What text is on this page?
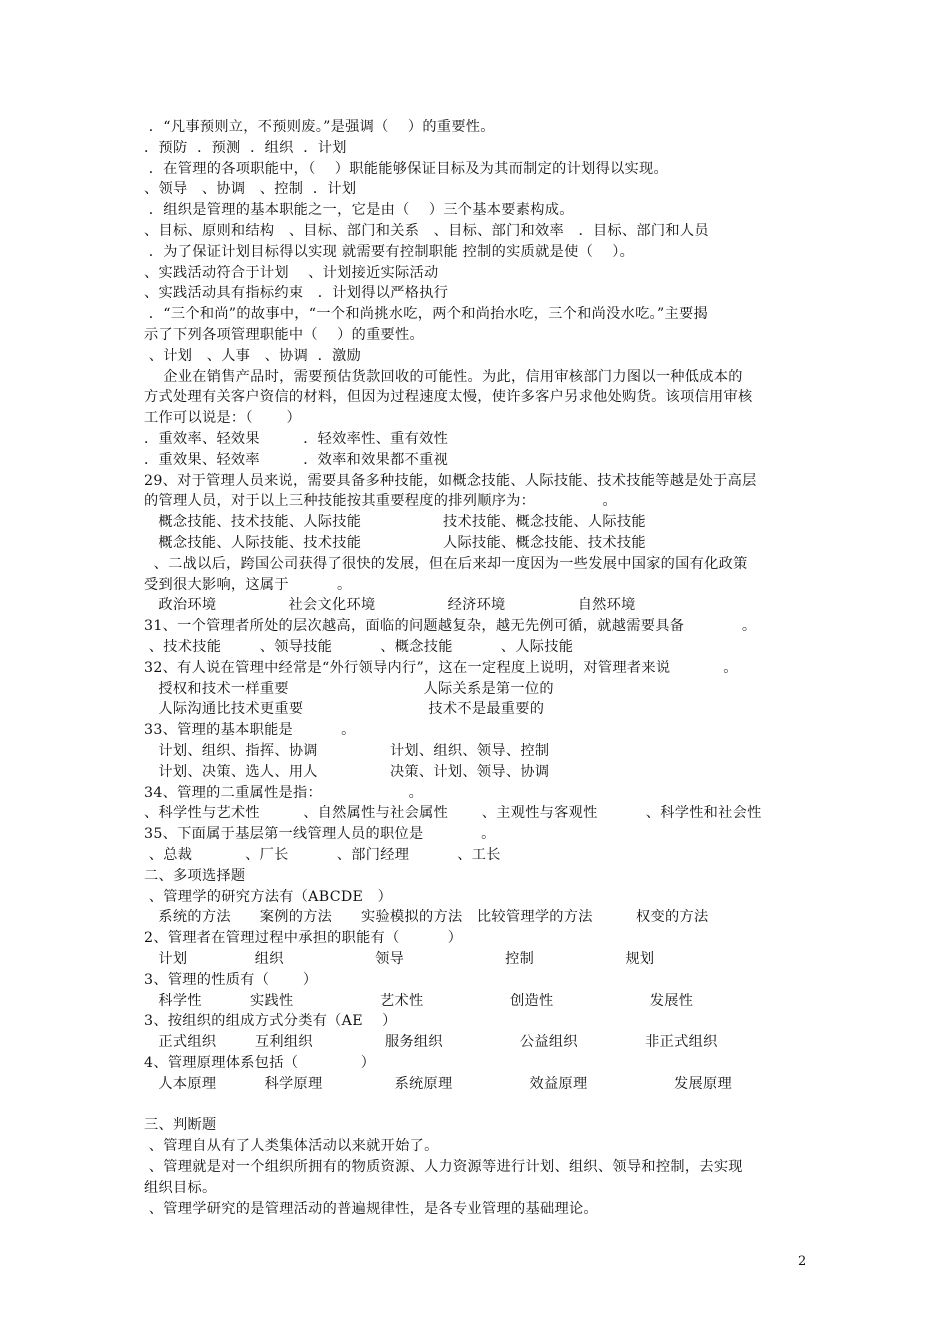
．“凡事预则立，不预则废。”是强调（    ）的重要性。
．预防  ．预测  ．组织  ．计划
．在管理的各项职能中，（    ）职能能够保证目标及为其而制定的计划得以实现。
、领导   、协调   、控制  ．计划
．组织是管理的基本职能之一，它是由（    ）三个基本要素构成。
、目标、原则和结构   、目标、部门和关系   、目标、部门和效率   ．目标、部门和人员
．为了保证计划目标得以实现 就需要有控制职能 控制的实质就是使（    ）。
、实践活动符合于计划    、计划接近实际活动
、实践活动具有指标约束   ．计划得以严格执行
．“三个和尚”的故事中，“一个和尚挑水吃，两个和尚抬水吃，三个和尚没水吃。”主要揭
示了下列各项管理职能中（    ）的重要性。
、计划   、人事   、协调  ．激励
企业在销售产品时，需要预估货款回收的可能性。为此，信用审核部门力图以一种低成本的
方式处理有关客户资信的材料，但因为过程速度太慢，使许多客户另求他处购货。该项信用审核
工作可以说是：（       ）
．重效率、轻效果         ．轻效率性、重有效性
．重效果、轻效率         ．效率和效果都不重视
29、对于管理人员来说，需要具备多种技能，如概念技能、人际技能、技术技能等越是处于高层
的管理人员，对于以上三种技能按其重要程度的排列顺序为：              。
概念技能、技术技能、人际技能                 技术技能、概念技能、人际技能
概念技能、人际技能、技术技能                 人际技能、概念技能、技术技能
、二战以后，跨国公司获得了很快的发展，但在后来却一度因为一些发展中国家的国有化政策
受到很大影响，这属于          。
政治环境               社会文化环境               经济环境               自然环境
31、一个管理者所处的层次越高，面临的问题越复杂，越无先例可循，就越需要具备            。
、技术技能        、领导技能          、概念技能          、人际技能
32、有人说在管理中经常是“外行领导内行”，这在一定程度上说明，对管理者来说           。
授权和技术一样重要                            人际关系是第一位的
人际沟通比技术更重要                          技术不是最重要的
33、管理的基本职能是          。
计划、组织、指挥、协调               计划、组织、领导、控制
计划、决策、选人、用人               决策、计划、领导、协调
34、管理的二重属性是指：                  。
、科学性与艺术性         、自然属性与社会属性       、主观性与客观性          、科学性和社会性
35、下面属于基层第一线管理人员的职位是            。
、总裁           、厂长          、部门经理          、工长
二、多项选择题
、管理学的研究方法有（ABCDE   ）
系统的方法      案例的方法      实验模拟的方法   比较管理学的方法         权变的方法
2、管理者在管理过程中承担的职能有（          ）
计划              组织                   领导                     控制                   规划
3、管理的性质有（       ）
科学性          实践性                  艺术性                  创造性                    发展性
3、按组织的组成方式分类有（AE    ）
正式组织        互利组织               服务组织                公益组织              非正式组织
4、管理原理体系包括（             ）
人本原理          科学原理               系统原理                效益原理                  发展原理
三、判断题
、管理自从有了人类集体活动以来就开始了。
、管理就是对一个组织所拥有的物质资源、人力资源等进行计划、组织、领导和控制，去实现
组织目标。
、管理学研究的是管理活动的普遍规律性，是各专业管理的基础理论。
2
